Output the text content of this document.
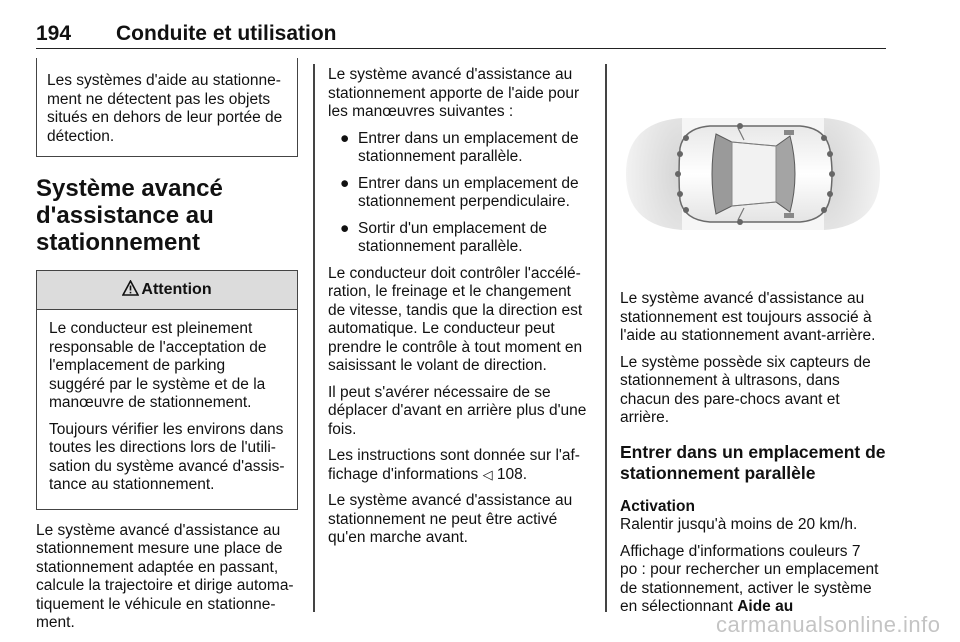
194 Conduite et utilisation
Les systèmes d'aide au stationne-
ment ne détectent pas les objets
situés en dehors de leur portée de
détection.
Système avancé
d'assistance au
stationnement
Attention

Le conducteur est pleinement
responsable de l'acceptation de
l'emplacement de parking
suggéré par le système et de la
manœuvre de stationnement.

Toujours vérifier les environs dans
toutes les directions lors de l'utili-
sation du système avancé d'assis-
tance au stationnement.

Le système avancé d'assistance au
stationnement mesure une place de
stationnement adaptée en passant,
calcule la trajectoire et dirige automa-
tiquement le véhicule en stationne-
ment.

Le système avancé d'assistance au
stationnement apporte de l'aide pour
les manœuvres suivantes :

● Entrer dans un emplacement de
stationnement parallèle.
● Entrer dans un emplacement de
stationnement perpendiculaire.
● Sortir d'un emplacement de
stationnement parallèle.

Le conducteur doit contrôler l'accélé-
ration, le freinage et le changement
de vitesse, tandis que la direction est
automatique. Le conducteur peut
prendre le contrôle à tout moment en
saisissant le volant de direction.

Il peut s'avérer nécessaire de se
déplacer d'avant en arrière plus d'une
fois.

Les instructions sont donnée sur l'af-
fichage d'informations ◁ 108.

Le système avancé d'assistance au
stationnement ne peut être activé
qu'en marche avant.

Le système avancé d'assistance au
stationnement est toujours associé à
l'aide au stationnement avant-arrière.

Le système possède six capteurs de
stationnement à ultrasons, dans
chacun des pare-chocs avant et
arrière.

Entrer dans un emplacement de
stationnement parallèle
Activation

Ralentir jusqu'à moins de 20 km/h.

Affichage d'informations couleurs 7
po : pour rechercher un emplacement
de stationnement, activer le système
en sélectionnant Aide au

carmanualsonline.info
